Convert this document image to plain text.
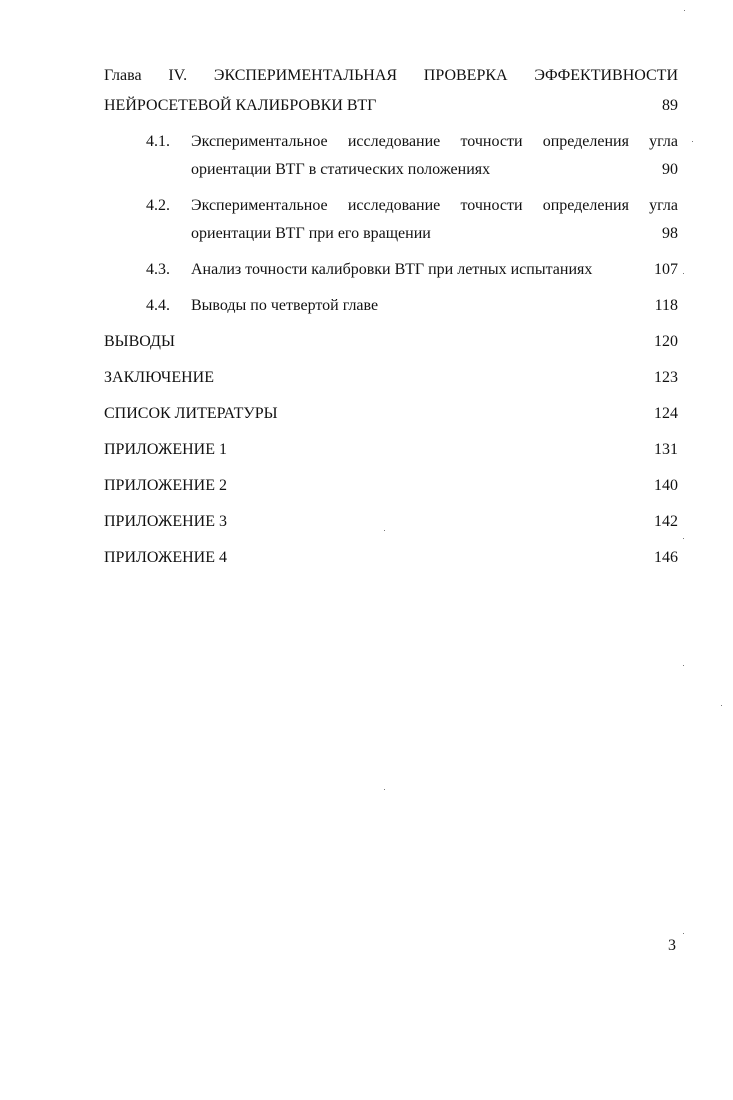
Глава IV. ЭКСПЕРИМЕНТАЛЬНАЯ ПРОВЕРКА ЭФФЕКТИВНОСТИ
НЕЙРОСЕТЕВОЙ КАЛИБРОВКИ ВТГ	89
4.1.	Экспериментальное исследование точности определения угла
ориентации ВТГ в статических положениях	90
4.2.	Экспериментальное исследование точности определения угла
ориентации ВТГ при его вращении	98
4.3.	Анализ точности калибровки ВТГ при летных испытаниях	107
4.4.	Выводы по четвертой главе	118
ВЫВОДЫ	120
ЗАКЛЮЧЕНИЕ	123
СПИСОК ЛИТЕРАТУРЫ	124
ПРИЛОЖЕНИЕ 1	131
ПРИЛОЖЕНИЕ 2	140
ПРИЛОЖЕНИЕ 3	142
ПРИЛОЖЕНИЕ 4	146
3
